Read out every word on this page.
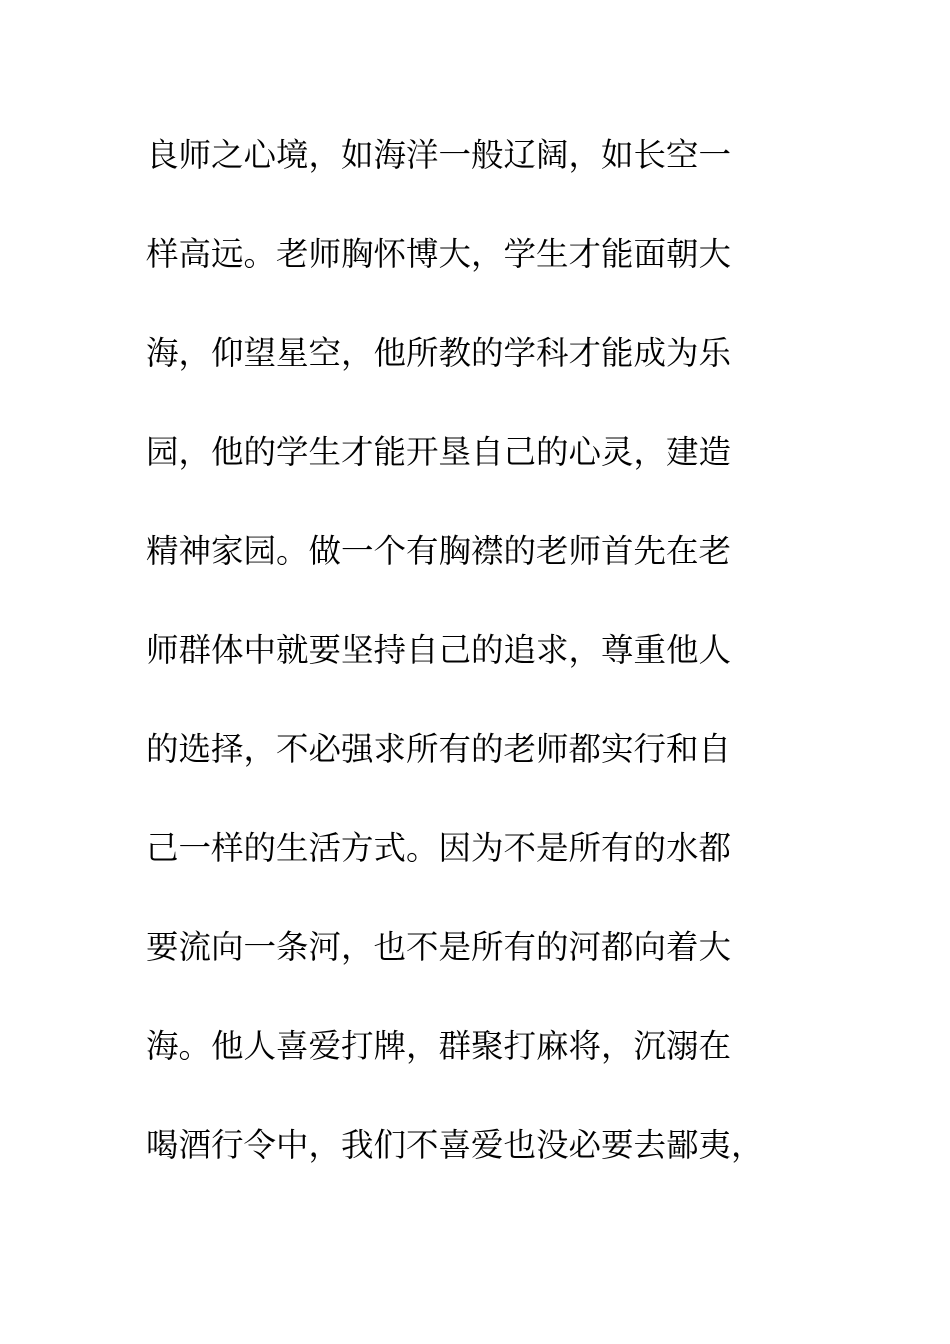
良师之心境，如海洋一般辽阔，如长空一
样高远。老师胸怀博大，学生才能面朝大
海，仰望星空，他所教的学科才能成为乐
园，他的学生才能开垦自己的心灵，建造
精神家园。做一个有胸襟的老师首先在老
师群体中就要坚持自己的追求，尊重他人
的选择，不必强求所有的老师都实行和自
己一样的生活方式。因为不是所有的水都
要流向一条河，也不是所有的河都向着大
海。他人喜爱打牌，群聚打麻将，沉溺在
喝酒行令中，我们不喜爱也没必要去鄙夷，
